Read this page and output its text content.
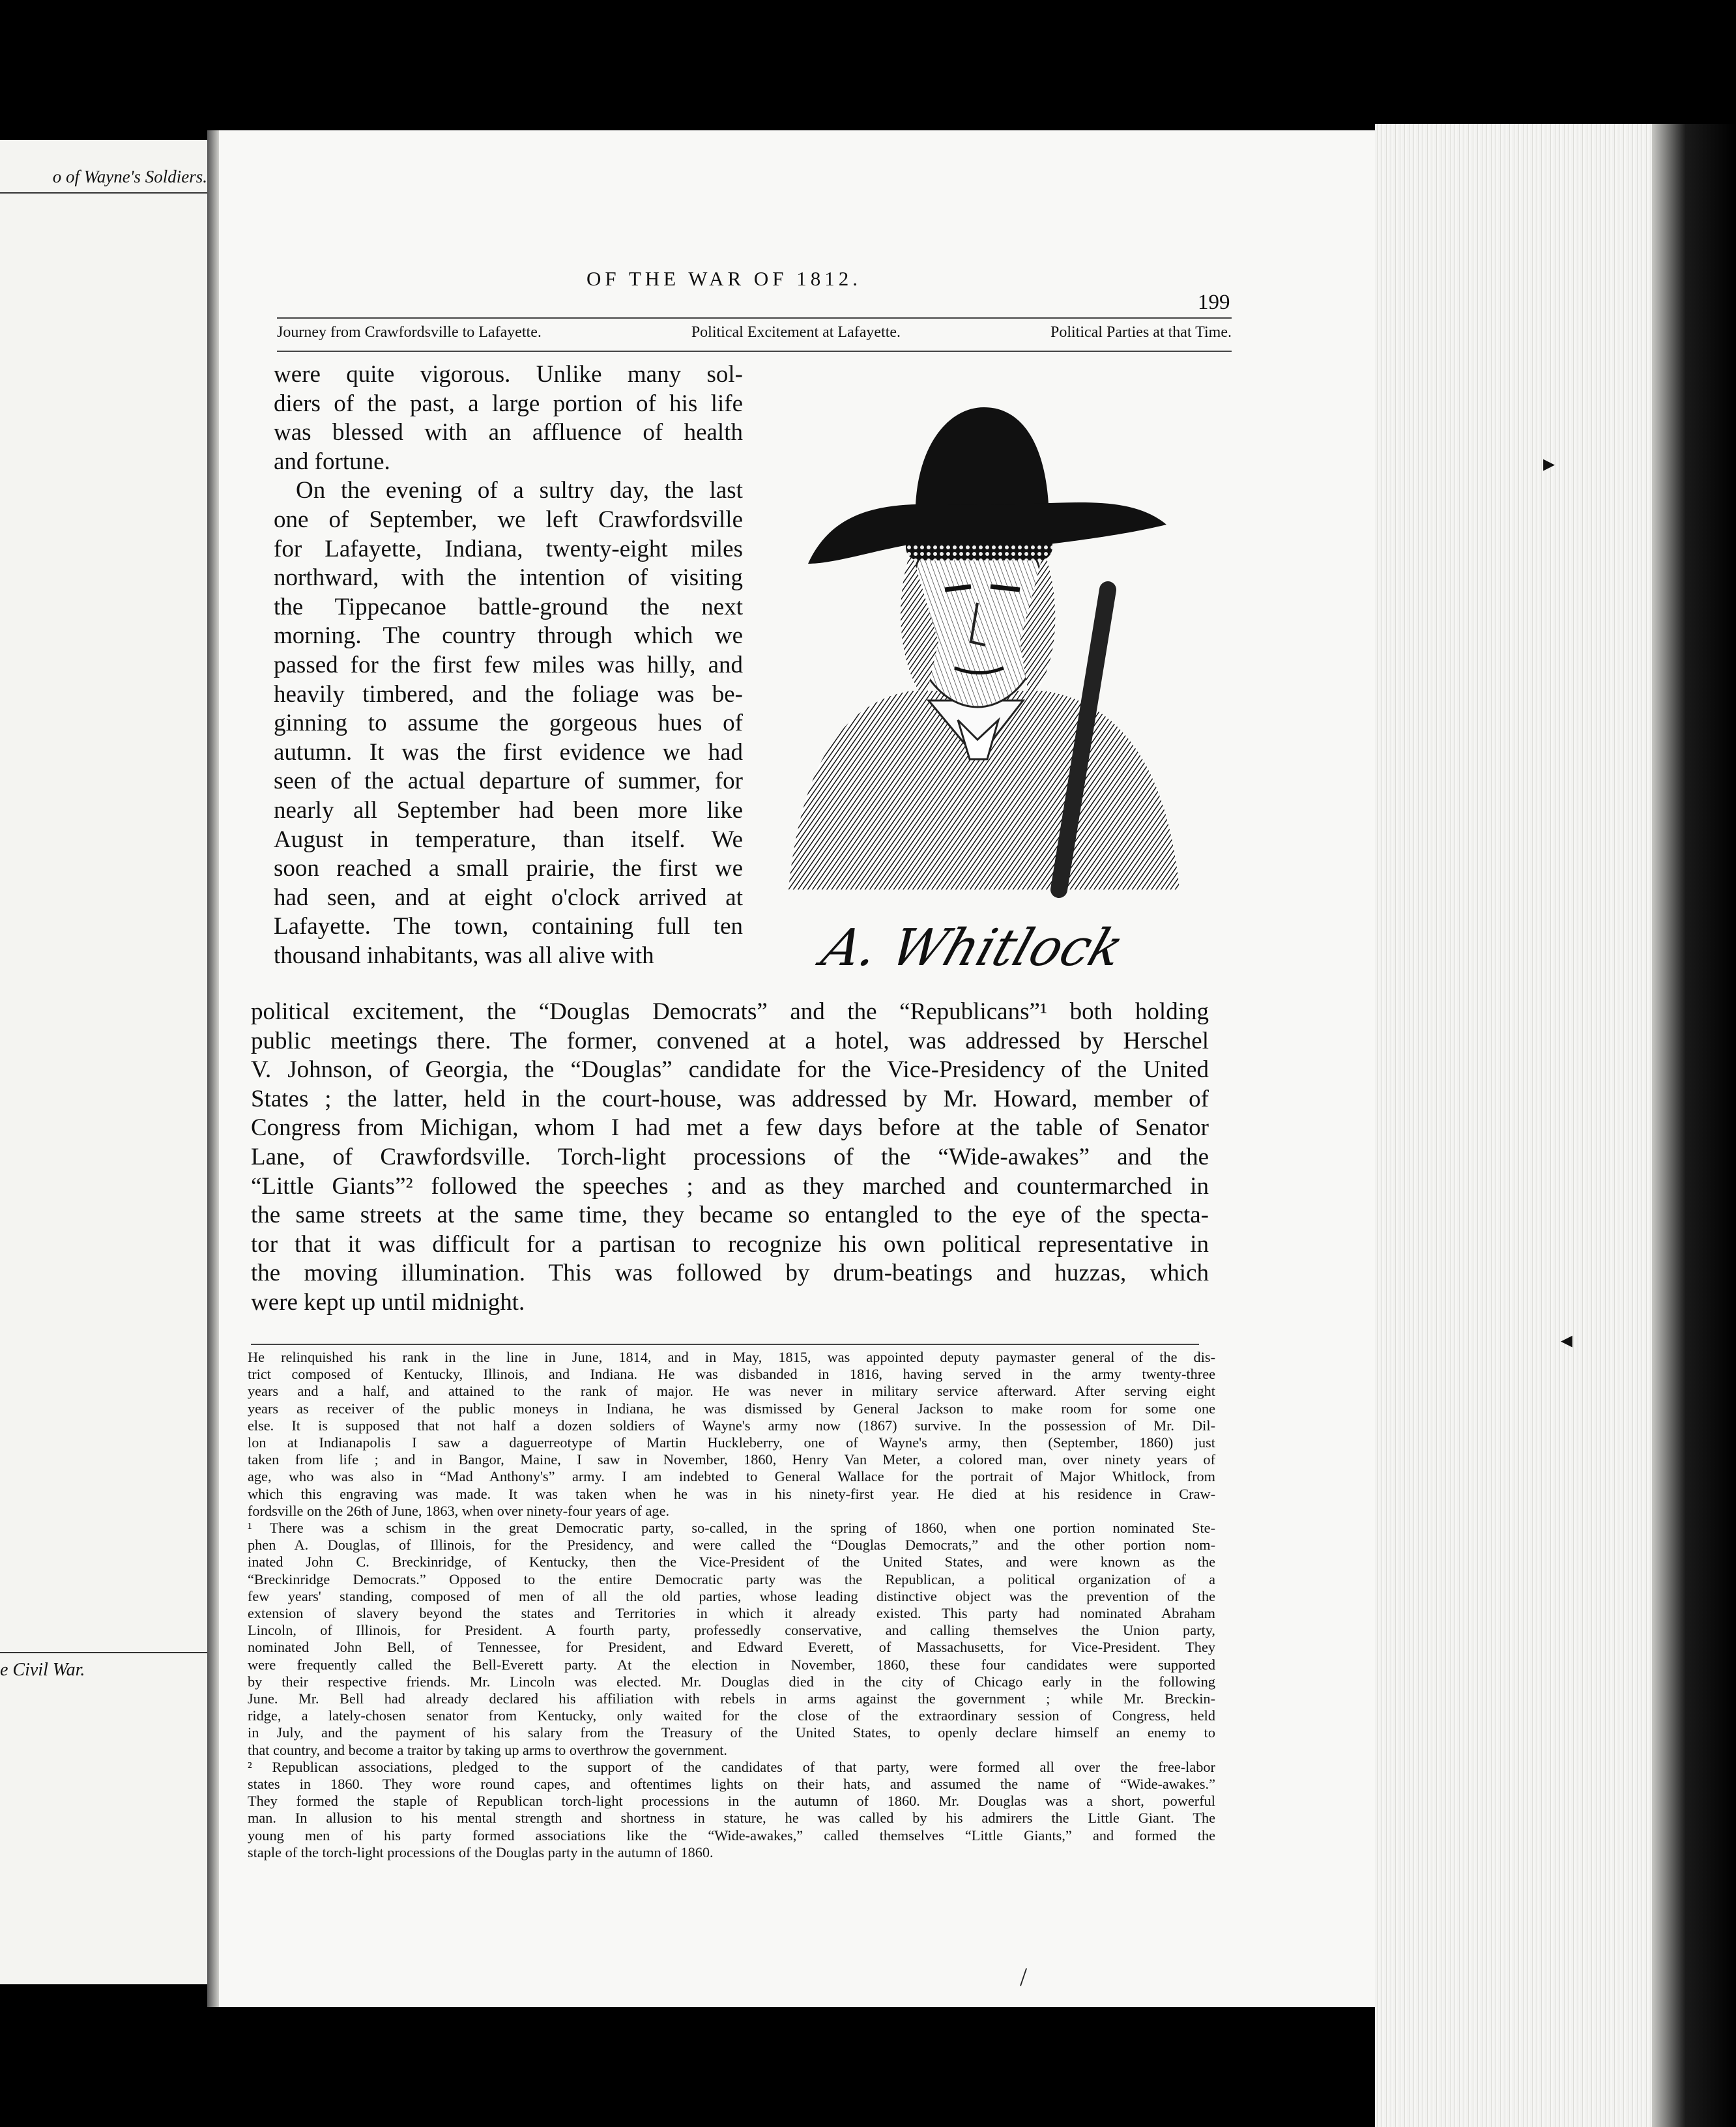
o of Wayne's Soldiers.
e Civil War.
OF THE WAR OF 1812.
199
Journey from Crawfordsville to Lafayette.	Political Excitement at Lafayette.	Political Parties at that Time.
were quite vigorous. Unlike many sol-
diers of the past, a large portion of his life
was blessed with an affluence of health
and fortune.
On the evening of a sultry day, the last
one of September, we left Crawfordsville
for Lafayette, Indiana, twenty-eight miles
northward, with the intention of visiting
the Tippecanoe battle-ground the next
morning. The country through which we
passed for the first few miles was hilly, and
heavily timbered, and the foliage was be-
ginning to assume the gorgeous hues of
autumn. It was the first evidence we had
seen of the actual departure of summer, for
nearly all September had been more like
August in temperature, than itself. We
soon reached a small prairie, the first we
had seen, and at eight o'clock arrived at
Lafayette. The town, containing full ten
thousand inhabitants, was all alive with	A. Whitlock
political excitement, the “Douglas Democrats” and the “Republicans”¹ both holding
public meetings there. The former, convened at a hotel, was addressed by Herschel
V. Johnson, of Georgia, the “Douglas” candidate for the Vice-Presidency of the United
States ; the latter, held in the court-house, was addressed by Mr. Howard, member of
Congress from Michigan, whom I had met a few days before at the table of Senator
Lane, of Crawfordsville. Torch-light processions of the “Wide-awakes” and the
“Little Giants”² followed the speeches ; and as they marched and countermarched in
the same streets at the same time, they became so entangled to the eye of the specta-
tor that it was difficult for a partisan to recognize his own political representative in
the moving illumination. This was followed by drum-beatings and huzzas, which
were kept up until midnight.
He relinquished his rank in the line in June, 1814, and in May, 1815, was appointed deputy paymaster general of the dis-
trict composed of Kentucky, Illinois, and Indiana. He was disbanded in 1816, having served in the army twenty-three
years and a half, and attained to the rank of major. He was never in military service afterward. After serving eight
years as receiver of the public moneys in Indiana, he was dismissed by General Jackson to make room for some one
else. It is supposed that not half a dozen soldiers of Wayne's army now (1867) survive. In the possession of Mr. Dil-
lon at Indianapolis I saw a daguerreotype of Martin Huckleberry, one of Wayne's army, then (September, 1860) just
taken from life ; and in Bangor, Maine, I saw in November, 1860, Henry Van Meter, a colored man, over ninety years of
age, who was also in “Mad Anthony's” army. I am indebted to General Wallace for the portrait of Major Whitlock, from
which this engraving was made. It was taken when he was in his ninety-first year. He died at his residence in Craw-
fordsville on the 26th of June, 1863, when over ninety-four years of age.
¹ There was a schism in the great Democratic party, so-called, in the spring of 1860, when one portion nominated Ste-
phen A. Douglas, of Illinois, for the Presidency, and were called the “Douglas Democrats,” and the other portion nom-
inated John C. Breckinridge, of Kentucky, then the Vice-President of the United States, and were known as the
“Breckinridge Democrats.” Opposed to the entire Democratic party was the Republican, a political organization of a
few years' standing, composed of men of all the old parties, whose leading distinctive object was the prevention of the
extension of slavery beyond the states and Territories in which it already existed. This party had nominated Abraham
Lincoln, of Illinois, for President. A fourth party, professedly conservative, and calling themselves the Union party,
nominated John Bell, of Tennessee, for President, and Edward Everett, of Massachusetts, for Vice-President. They
were frequently called the Bell-Everett party. At the election in November, 1860, these four candidates were supported
by their respective friends. Mr. Lincoln was elected. Mr. Douglas died in the city of Chicago early in the following
June. Mr. Bell had already declared his affiliation with rebels in arms against the government ; while Mr. Breckin-
ridge, a lately-chosen senator from Kentucky, only waited for the close of the extraordinary session of Congress, held
in July, and the payment of his salary from the Treasury of the United States, to openly declare himself an enemy to
that country, and become a traitor by taking up arms to overthrow the government.
² Republican associations, pledged to the support of the candidates of that party, were formed all over the free-labor
states in 1860. They wore round capes, and oftentimes lights on their hats, and assumed the name of “Wide-awakes.”
They formed the staple of Republican torch-light processions in the autumn of 1860. Mr. Douglas was a short, powerful
man. In allusion to his mental strength and shortness in stature, he was called by his admirers the Little Giant. The
young men of his party formed associations like the “Wide-awakes,” called themselves “Little Giants,” and formed the
staple of the torch-light processions of the Douglas party in the autumn of 1860.
/
▸
◂
